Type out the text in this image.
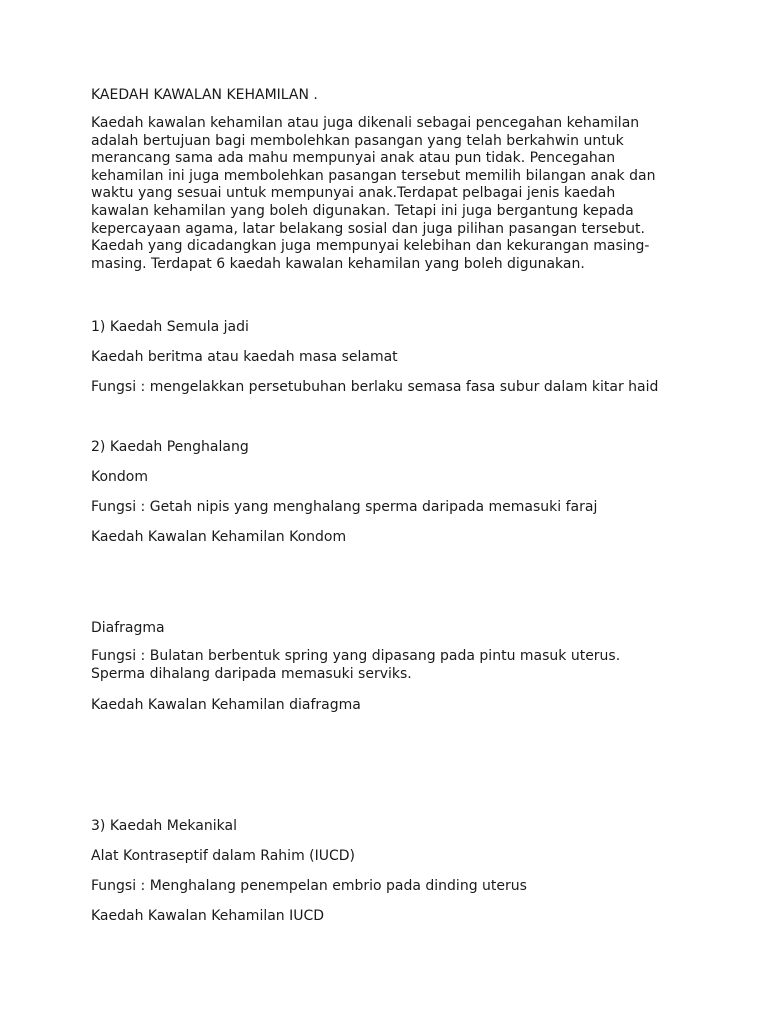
KAEDAH KAWALAN KEHAMILAN .

Kaedah kawalan kehamilan atau juga dikenali sebagai pencegahan kehamilan
adalah bertujuan bagi membolehkan pasangan yang telah berkahwin untuk
merancang sama ada mahu mempunyai anak atau pun tidak. Pencegahan
kehamilan ini juga membolehkan pasangan tersebut memilih bilangan anak dan
waktu yang sesuai untuk mempunyai anak.Terdapat pelbagai jenis kaedah
kawalan kehamilan yang boleh digunakan. Tetapi ini juga bergantung kepada
kepercayaan agama, latar belakang sosial dan juga pilihan pasangan tersebut.
Kaedah yang dicadangkan juga mempunyai kelebihan dan kekurangan masing-
masing. Terdapat 6 kaedah kawalan kehamilan yang boleh digunakan.

1) Kaedah Semula jadi

Kaedah beritma atau kaedah masa selamat

Fungsi : mengelakkan persetubuhan berlaku semasa fasa subur dalam kitar haid

2) Kaedah Penghalang

Kondom

Fungsi : Getah nipis yang menghalang sperma daripada memasuki faraj

Kaedah Kawalan Kehamilan Kondom

Diafragma

Fungsi : Bulatan berbentuk spring yang dipasang pada pintu masuk uterus.
Sperma dihalang daripada memasuki serviks.

Kaedah Kawalan Kehamilan diafragma

3) Kaedah Mekanikal

Alat Kontraseptif dalam Rahim (IUCD)

Fungsi : Menghalang penempelan embrio pada dinding uterus

Kaedah Kawalan Kehamilan IUCD
